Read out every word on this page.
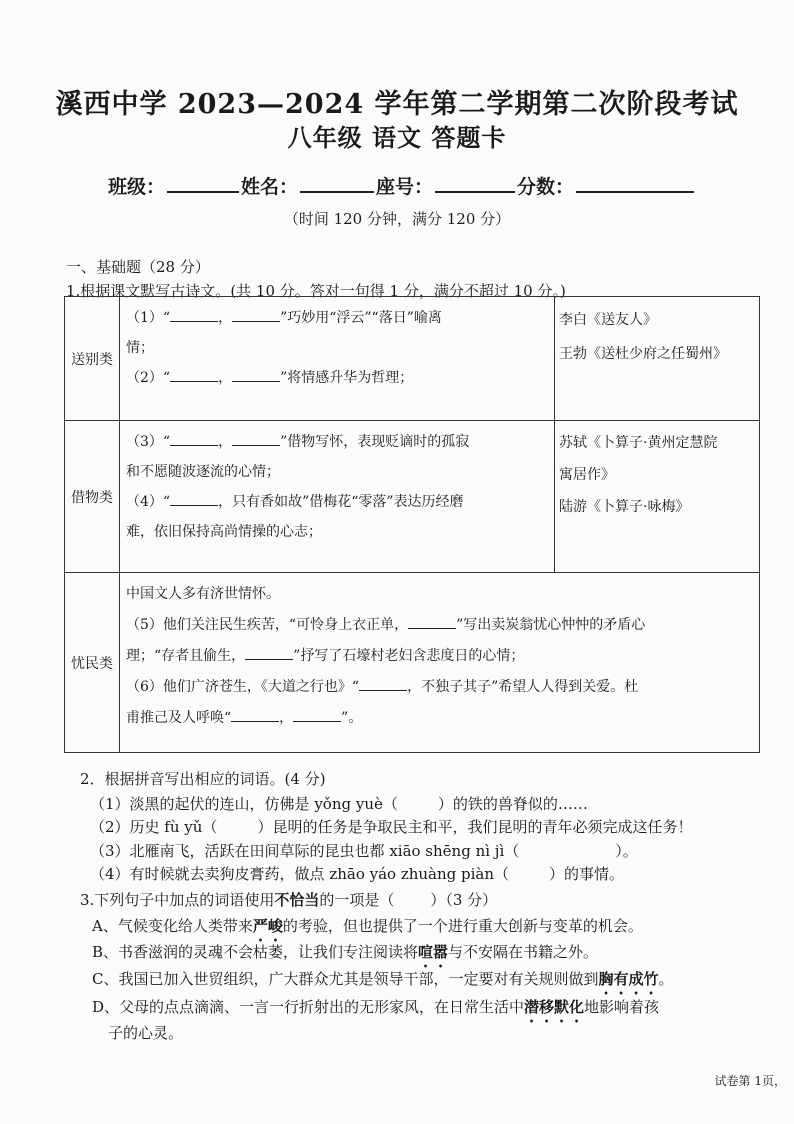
溪西中学 2023—2024 学年第二学期第二次阶段考试
八年级 语文 答题卡
班级：	姓名：	座号：	分数：
（时间 120 分钟，满分 120 分）
一、基础题（28 分）
1.根据课文默写古诗文。(共 10 分。答对一句得 1 分，满分不超过 10 分。)
送别类	（1）“ ， ”巧妙用“浮云”“落日”喻离
情；
（2）“ ， ”将情感升华为哲理；	李白《送友人》
王勃《送杜少府之任蜀州》

借物类	（3）“ ， ”借物写怀，表现贬谪时的孤寂
和不愿随波逐流的心情；
（4）“ ，只有香如故”借梅花“零落”表达历经磨
难，依旧保持高尚情操的心志；	苏轼《卜算子·黄州定慧院
寓居作》
陆游《卜算子·咏梅》

忧民类	中国文人多有济世情怀。
（5）他们关注民生疾苦，“可怜身上衣正单， ”写出卖炭翁忧心忡忡的矛盾心
理；“存者且偷生， ”抒写了石壕村老妇含悲度日的心情；
（6）他们广济苍生，《大道之行也》“ ，不独子其子”希望人人得到关爱。杜
甫推己及人呼唤“ ， ”。	
2．根据拼音写出相应的词语。(4 分)
（1）淡黑的起伏的连山，仿佛是 yǒng yuè（	）的铁的兽脊似的……
（2）历史 fù yǔ（	）昆明的任务是争取民主和平，我们昆明的青年必须完成这任务！
（3）北雁南飞，活跃在田间草际的昆虫也都 xiāo shēng nì jì（	）。
（4）有时候就去卖狗皮膏药，做点 zhāo yáo zhuàng piàn（	）的事情。
3.下列句子中加点的词语使用不恰当的一项是（ ）（3 分）
A、气候变化给人类带来严峻的考验，但也提供了一个进行重大创新与变革的机会。
B、书香滋润的灵魂不会枯萎，让我们专注阅读将喧嚣与不安隔在书籍之外。
C、我国已加入世贸组织，广大群众尤其是领导干部，一定要对有关规则做到胸有成竹。
D、父母的点点滴滴、一言一行折射出的无形家风，在日常生活中潜移默化地影响着孩
子的心灵。
试卷第 1页，
